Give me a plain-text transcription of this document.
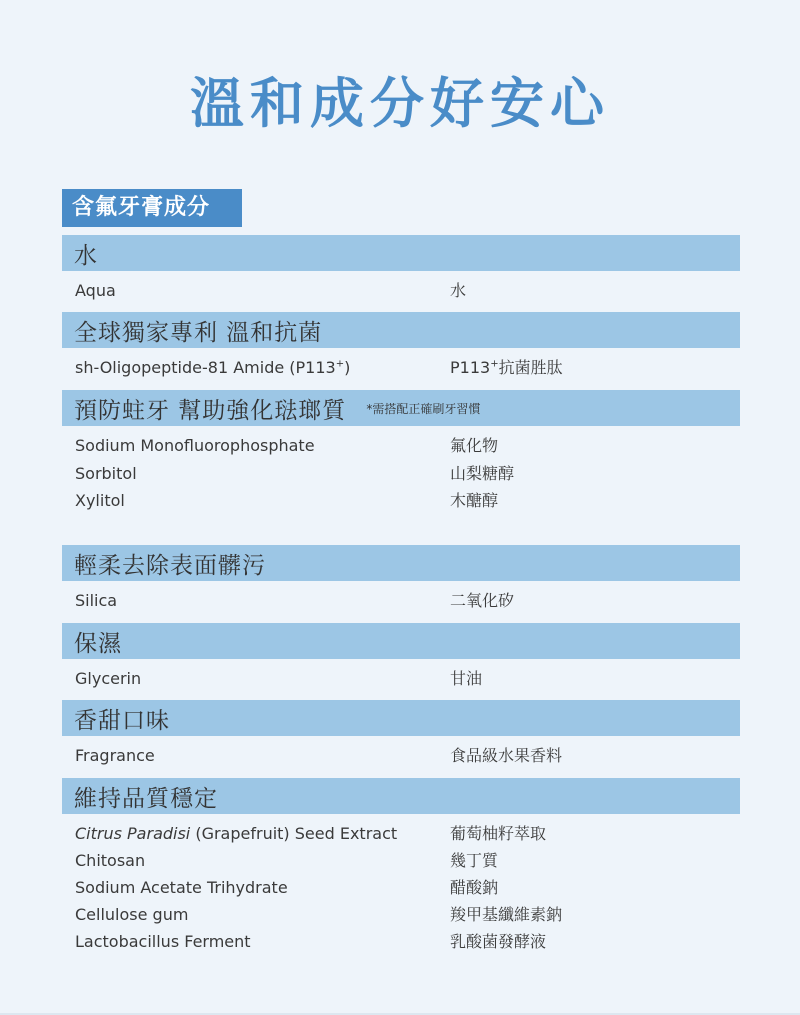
溫和成分好安心
含氟牙膏成分
水
Aqua	水
全球獨家專利 溫和抗菌
sh-Oligopeptide-81 Amide (P113+)	P113+抗菌胜肽
預防蛀牙 幫助強化琺瑯質 *需搭配正確刷牙習慣
Sodium Monofluorophosphate	氟化物
Sorbitol	山梨糖醇
Xylitol	木醣醇
輕柔去除表面髒污
Silica	二氧化矽
保濕
Glycerin	甘油
香甜口味
Fragrance	食品級水果香料
維持品質穩定
Citrus Paradisi (Grapefruit) Seed Extract	葡萄柚籽萃取
Chitosan	幾丁質
Sodium Acetate Trihydrate	醋酸鈉
Cellulose gum	羧甲基纖維素鈉
Lactobacillus Ferment	乳酸菌發酵液
